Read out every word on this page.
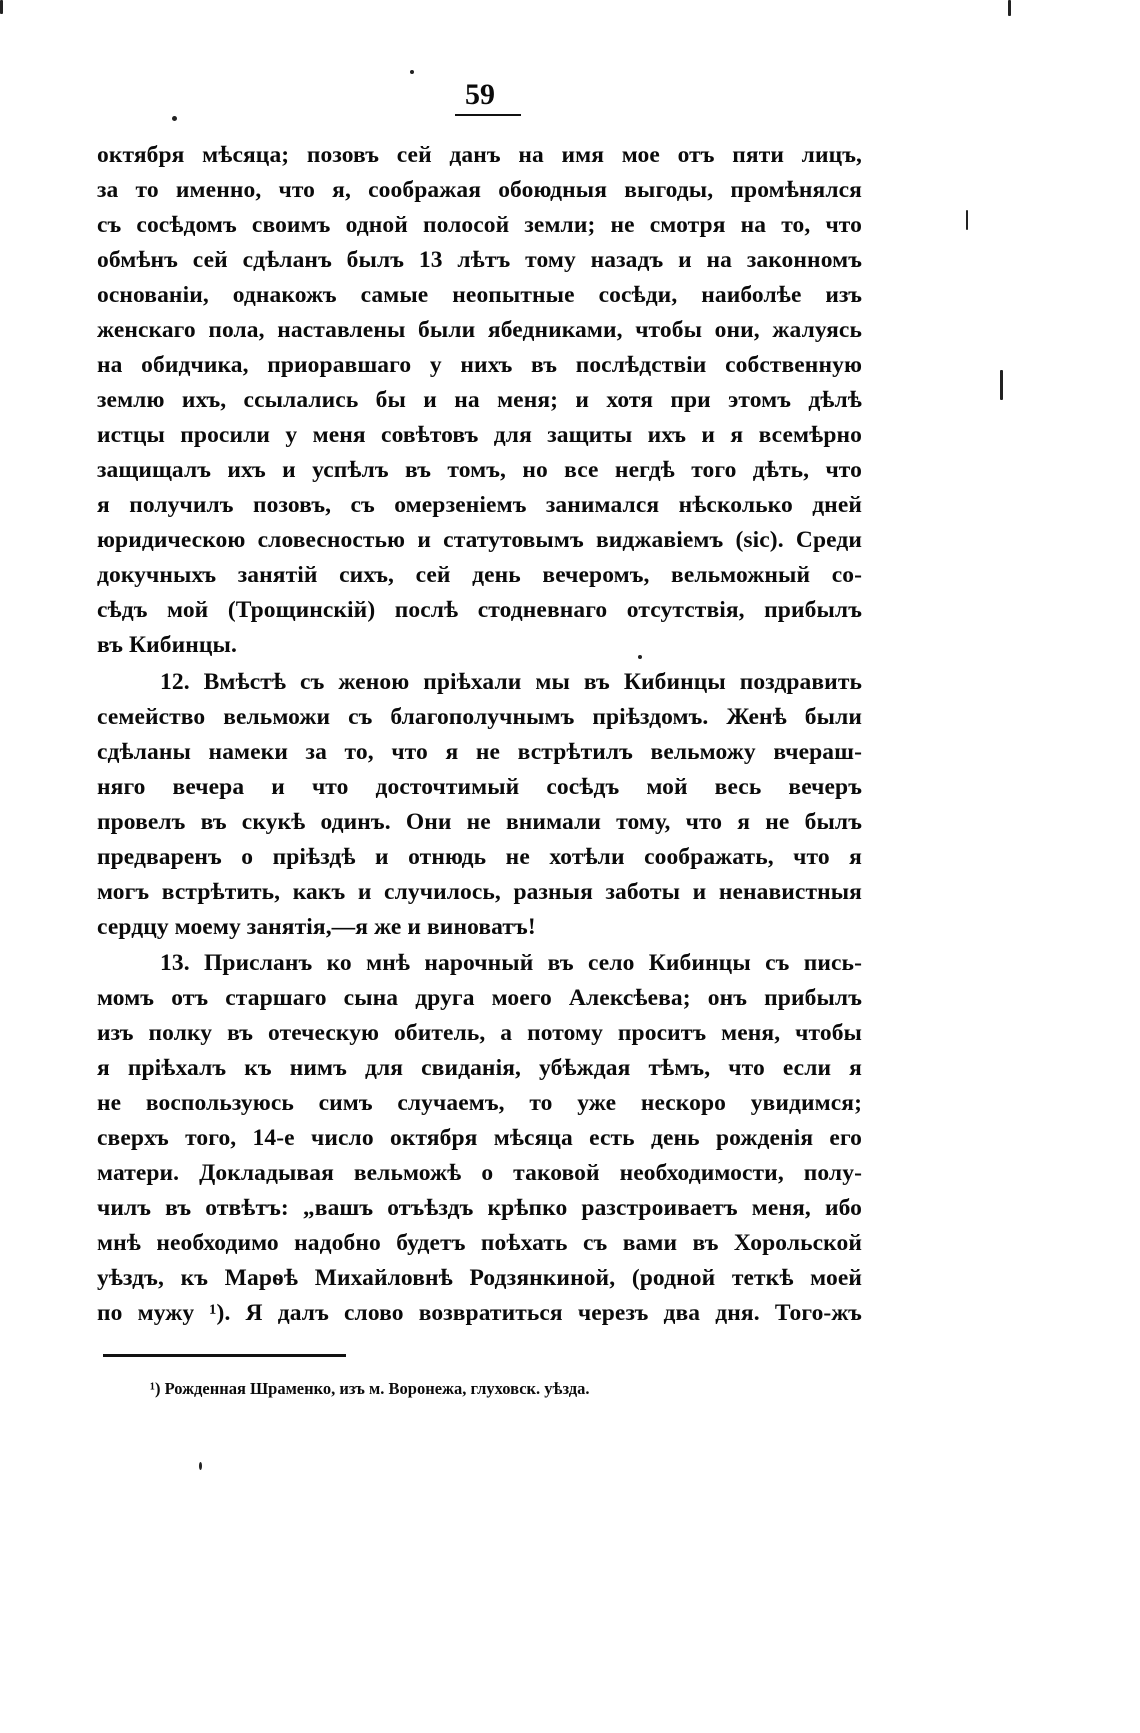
59
октября мѣсяца; позовъ сей данъ на имя мое отъ пяти лицъ,
за то именно, что я, соображая обоюдныя выгоды, промѣнялся
съ сосѣдомъ своимъ одной полосой земли; не смотря на то, что
обмѣнъ сей сдѣланъ былъ 13 лѣтъ тому назадъ и на законномъ
основаніи, однакожъ самые неопытные сосѣди, наиболѣе изъ
женскаго пола, наставлены были ябедниками, чтобы они, жалуясь
на обидчика, приоравшаго у нихъ въ послѣдствіи собственную
землю ихъ, ссылались бы и на меня; и хотя при этомъ дѣлѣ
истцы просили у меня совѣтовъ для защиты ихъ и я всемѣрно
защищалъ ихъ и успѣлъ въ томъ, но все негдѣ того дѣть, что
я получилъ позовъ, съ омерзеніемъ занимался нѣсколько дней
юридическою словесностью и статутовымъ виджавіемъ (sic). Среди
докучныхъ занятій сихъ, сей день вечеромъ, вельможный со-
сѣдъ мой (Трощинскій) послѣ стодневнаго отсутствія, прибылъ
въ Кибинцы.
12. Вмѣстѣ съ женою пріѣхали мы въ Кибинцы поздравить
семейство вельможи съ благополучнымъ пріѣздомъ. Женѣ были
сдѣланы намеки за то, что я не встрѣтилъ вельможу вчераш-
няго вечера и что досточтимый сосѣдъ мой весь вечеръ
провелъ въ скукѣ одинъ. Они не внимали тому, что я не былъ
предваренъ о пріѣздѣ и отнюдь не хотѣли соображать, что я
могъ встрѣтить, какъ и случилось, разныя заботы и ненавистныя
сердцу моему занятія,—я же и виноватъ!
13. Присланъ ко мнѣ нарочный въ село Кибинцы съ пись-
момъ отъ старшаго сына друга моего Алексѣева; онъ прибылъ
изъ полку въ отеческую обитель, а потому проситъ меня, чтобы
я пріѣхалъ къ нимъ для свиданія, убѣждая тѣмъ, что если я
не воспользуюсь симъ случаемъ, то уже нескоро увидимся;
сверхъ того, 14-е число октября мѣсяца есть день рожденія его
матери. Докладывая вельможѣ о таковой необходимости, полу-
чилъ въ отвѣтъ: „вашъ отъѣздъ крѣпко разстроиваетъ меня, ибо
мнѣ необходимо надобно будетъ поѣхать съ вами въ Хорольской
уѣздъ, къ Марѳѣ Михайловнѣ Родзянкиной, (родной теткѣ моей
по мужу ¹). Я далъ слово возвратиться черезъ два дня. Того-жъ
¹) Рожденная Шраменко, изъ м. Воронежа, глуховск. уѣзда.
